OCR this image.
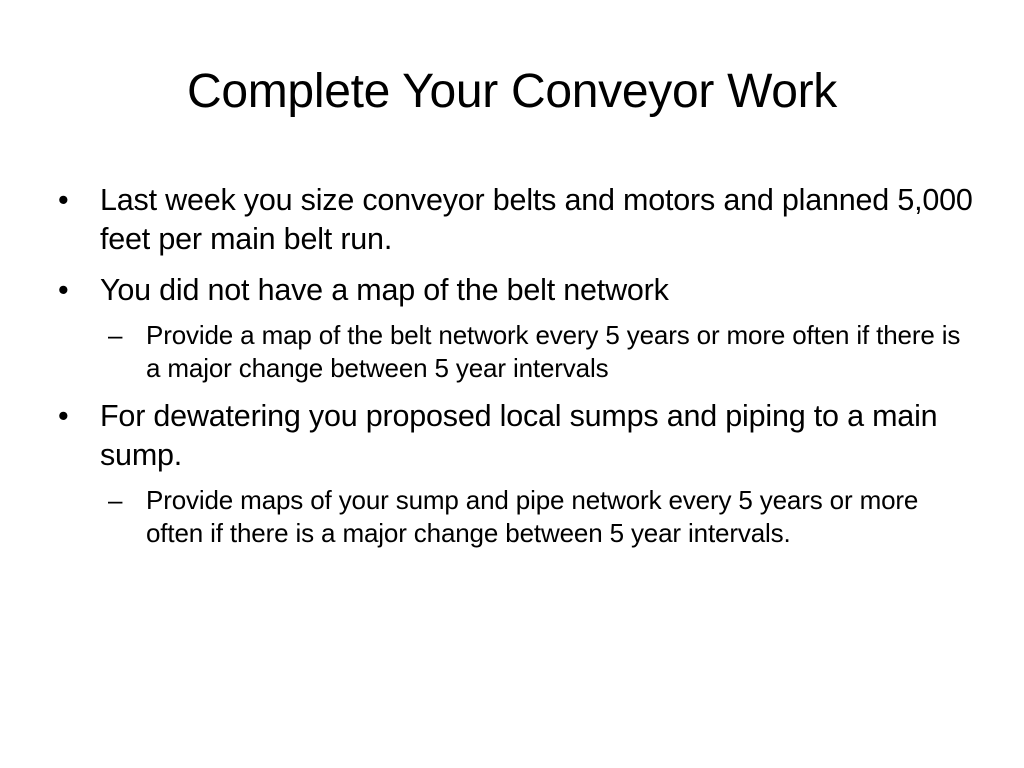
Complete Your Conveyor Work
•	Last week you size conveyor belts and motors and planned 5,000 feet per main belt run.
•	You did not have a map of the belt network
– Provide a map of the belt network every 5 years or more often if there is a major change between 5 year intervals
•	For dewatering you proposed local sumps and piping to a main sump.
– Provide maps of your sump and pipe network every 5 years or more often if there is a major change between 5 year intervals.
